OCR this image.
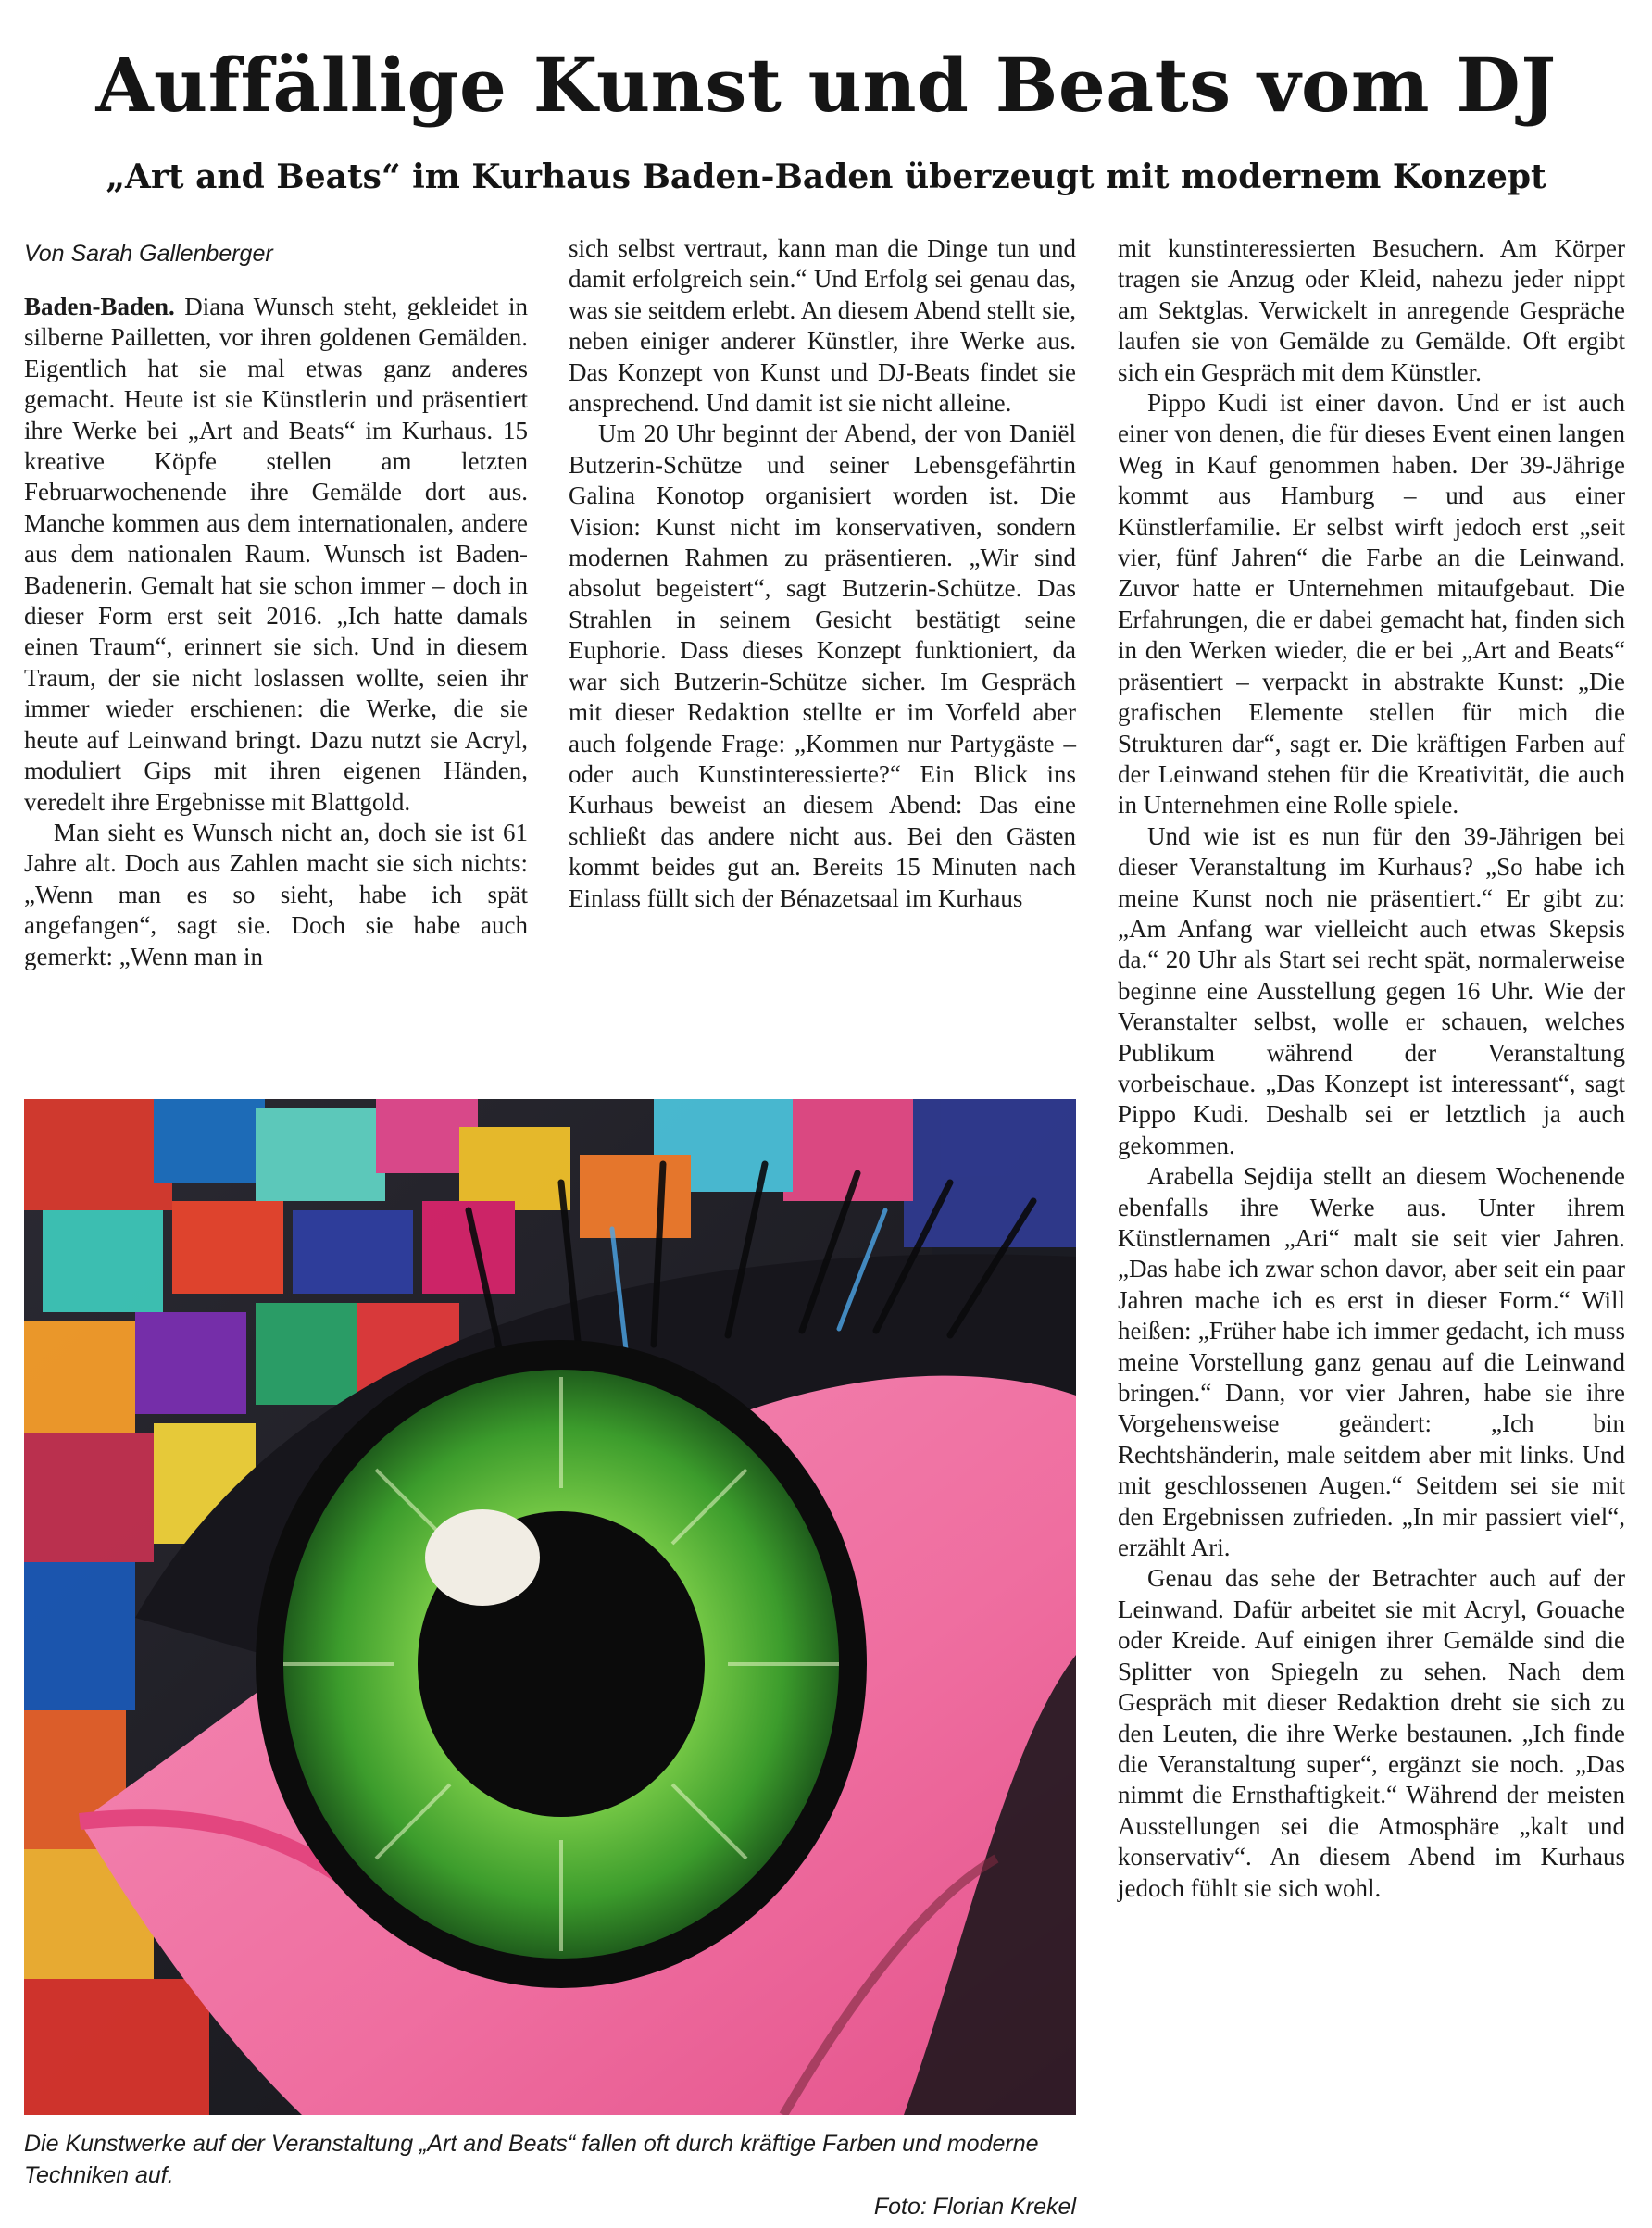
Auffällige Kunst und Beats vom DJ
„Art and Beats“ im Kurhaus Baden-Baden überzeugt mit modernem Konzept

Von Sarah Gallenberger

Baden-Baden. Diana Wunsch steht, gekleidet in silberne Pailletten, vor ihren goldenen Gemälden. Eigentlich hat sie mal etwas ganz anderes gemacht. Heute ist sie Künstlerin und präsentiert ihre Werke bei „Art and Beats“ im Kurhaus. 15 kreative Köpfe stellen am letzten Februarwochenende ihre Gemälde dort aus. Manche kommen aus dem internationalen, andere aus dem nationalen Raum. Wunsch ist Baden-Badenerin. Gemalt hat sie schon immer – doch in dieser Form erst seit 2016. „Ich hatte damals einen Traum“, erinnert sie sich. Und in diesem Traum, der sie nicht loslassen wollte, seien ihr immer wieder erschienen: die Werke, die sie heute auf Leinwand bringt. Dazu nutzt sie Acryl, moduliert Gips mit ihren eigenen Händen, veredelt ihre Ergebnisse mit Blattgold.

Man sieht es Wunsch nicht an, doch sie ist 61 Jahre alt. Doch aus Zahlen macht sie sich nichts: „Wenn man es so sieht, habe ich spät angefangen“, sagt sie. Doch sie habe auch gemerkt: „Wenn man in

sich selbst vertraut, kann man die Dinge tun und damit erfolgreich sein.“ Und Erfolg sei genau das, was sie seitdem erlebt. An diesem Abend stellt sie, neben einiger anderer Künstler, ihre Werke aus. Das Konzept von Kunst und DJ-Beats findet sie ansprechend. Und damit ist sie nicht alleine.

Um 20 Uhr beginnt der Abend, der von Daniël Butzerin-Schütze und seiner Lebensgefährtin Galina Konotop organisiert worden ist. Die Vision: Kunst nicht im konservativen, sondern modernen Rahmen zu präsentieren. „Wir sind absolut begeistert“, sagt Butzerin-Schütze. Das Strahlen in seinem Gesicht bestätigt seine Euphorie. Dass dieses Konzept funktioniert, da war sich Butzerin-Schütze sicher. Im Gespräch mit dieser Redaktion stellte er im Vorfeld aber auch folgende Frage: „Kommen nur Partygäste – oder auch Kunstinteressierte?“ Ein Blick ins Kurhaus beweist an diesem Abend: Das eine schließt das andere nicht aus. Bei den Gästen kommt beides gut an. Bereits 15 Minuten nach Einlass füllt sich der Bénazetsaal im Kurhaus

mit kunstinteressierten Besuchern. Am Körper tragen sie Anzug oder Kleid, nahezu jeder nippt am Sektglas. Verwickelt in anregende Gespräche laufen sie von Gemälde zu Gemälde. Oft ergibt sich ein Gespräch mit dem Künstler.

Pippo Kudi ist einer davon. Und er ist auch einer von denen, die für dieses Event einen langen Weg in Kauf genommen haben. Der 39-Jährige kommt aus Hamburg – und aus einer Künstlerfamilie. Er selbst wirft jedoch erst „seit vier, fünf Jahren“ die Farbe an die Leinwand. Zuvor hatte er Unternehmen mitaufgebaut. Die Erfahrungen, die er dabei gemacht hat, finden sich in den Werken wieder, die er bei „Art and Beats“ präsentiert – verpackt in abstrakte Kunst: „Die grafischen Elemente stellen für mich die Strukturen dar“, sagt er. Die kräftigen Farben auf der Leinwand stehen für die Kreativität, die auch in Unternehmen eine Rolle spiele.

Und wie ist es nun für den 39-Jährigen bei dieser Veranstaltung im Kurhaus? „So habe ich meine Kunst noch nie präsentiert.“ Er gibt zu: „Am Anfang war vielleicht auch etwas Skepsis da.“ 20 Uhr als Start sei recht spät, normalerweise beginne eine Ausstellung gegen 16 Uhr. Wie der Veranstalter selbst, wolle er schauen, welches Publikum während der Veranstaltung vorbeischaue. „Das Konzept ist interessant“, sagt Pippo Kudi. Deshalb sei er letztlich ja auch gekommen.

Arabella Sejdija stellt an diesem Wochenende ebenfalls ihre Werke aus. Unter ihrem Künstlernamen „Ari“ malt sie seit vier Jahren. „Das habe ich zwar schon davor, aber seit ein paar Jahren mache ich es erst in dieser Form.“ Will heißen: „Früher habe ich immer gedacht, ich muss meine Vorstellung ganz genau auf die Leinwand bringen.“ Dann, vor vier Jahren, habe sie ihre Vorgehensweise geändert: „Ich bin Rechtshänderin, male seitdem aber mit links. Und mit geschlossenen Augen.“ Seitdem sei sie mit den Ergebnissen zufrieden. „In mir passiert viel“, erzählt Ari.

Genau das sehe der Betrachter auch auf der Leinwand. Dafür arbeitet sie mit Acryl, Gouache oder Kreide. Auf einigen ihrer Gemälde sind die Splitter von Spiegeln zu sehen. Nach dem Gespräch mit dieser Redaktion dreht sie sich zu den Leuten, die ihre Werke bestaunen. „Ich finde die Veranstaltung super“, ergänzt sie noch. „Das nimmt die Ernsthaftigkeit.“ Während der meisten Ausstellungen sei die Atmosphäre „kalt und konservativ“. An diesem Abend im Kurhaus jedoch fühlt sie sich wohl.

Die Kunstwerke auf der Veranstaltung „Art and Beats“ fallen oft durch kräftige Farben und moderne Techniken auf.
Foto: Florian Krekel
